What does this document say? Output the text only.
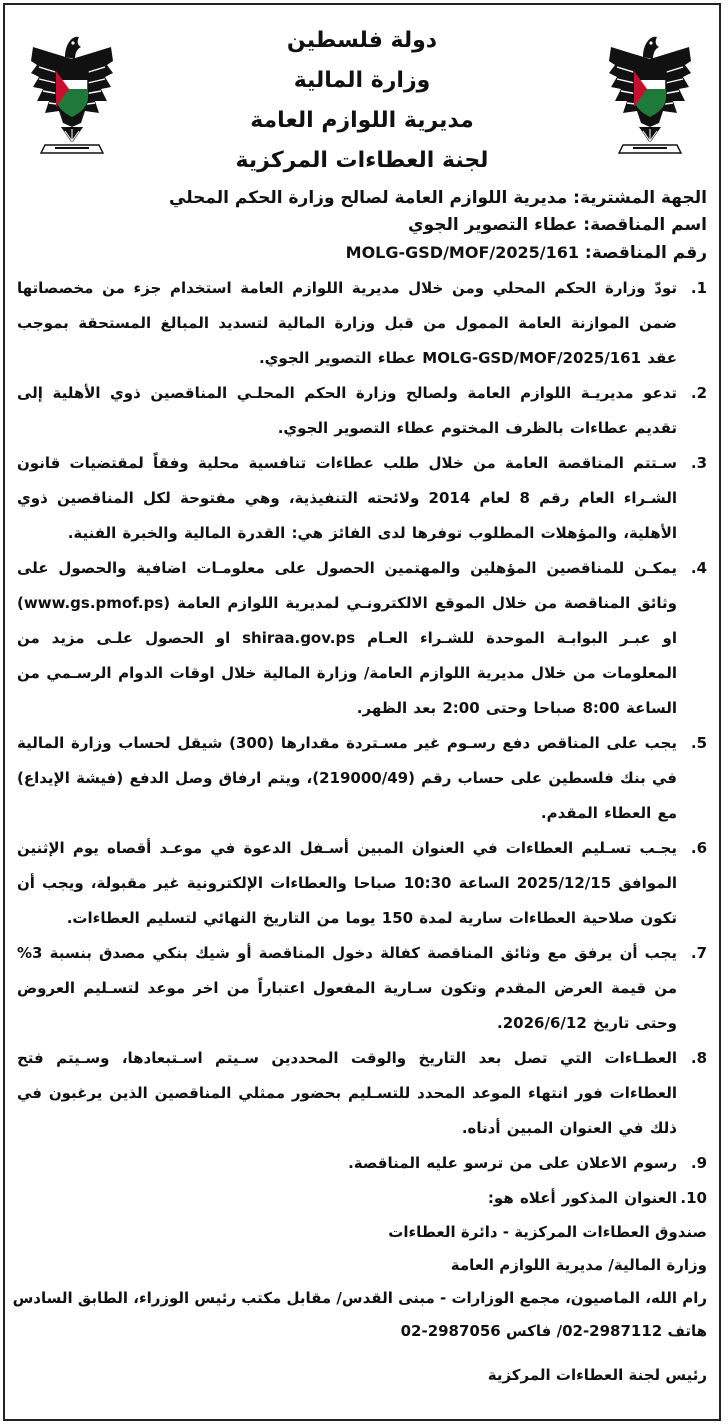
دولة فلسطين
وزارة المالية
مديرية اللوازم العامة
لجنة العطاءات المركزية
الجهة المشترية: مديرية اللوازم العامة لصالح وزارة الحكم المحلي
اسم المناقصة: عطاء التصوير الجوي
رقم المناقصة: MOLG-GSD/MOF/2025/161
1.
تودّ وزارة الحكم المحلي ومن خلال مديرية اللوازم العامة استخدام جزء من مخصصاتها ضمن الموازنة العامة الممول من قبل وزارة المالية لتسديد المبالغ المستحقة بموجب عقد MOLG-GSD/MOF/2025/161 عطاء التصوير الجوي.
2.
تدعو مديريـة اللوازم العامة ولصالح وزارة الحكم المحلـي المناقصين ذوي الأهلية إلى تقديم عطاءات بالظرف المختوم عطاء التصوير الجوي.
3.
سـتتم المناقصة العامة من خلال طلب عطاءات تنافسية محلية وفقاً لمقتضيات قانون الشـراء العام رقم 8 لعام 2014 ولائحته التنفيذية، وهي مفتوحة لكل المناقصين ذوي الأهلية، والمؤهلات المطلوب توفرها لدى الفائز هي: القدرة المالية والخبرة الفنية.
4.
يمكـن للمناقصين المؤهلين والمهتمين الحصول على معلومـات اضافية والحصول على وثائق المناقصة من خلال الموقع الالكترونـي لمديرية اللوازم العامة (www.gs.pmof.ps) او عبـر البوابـة الموحدة للشـراء العـام shiraa.gov.ps او الحصول علـى مزيد من المعلومات من خلال مديرية اللوازم العامة/ وزارة المالية خلال اوقات الدوام الرسـمي من الساعة 8:00 صباحا وحتى 2:00 بعد الظهر.
5.
يجب على المناقص دفع رسـوم غير مسـتردة مقدارها (300) شيقل لحساب وزارة المالية في بنك فلسطين على حساب رقم (219000/49)، ويتم ارفاق وصل الدفع (فيشة الإيداع) مع العطاء المقدم.
6.
يجـب تسـليم العطاءات في العنوان المبين أسـفل الدعوة في موعـد أقصاه يوم الإثنين الموافق 2025/12/15 الساعة 10:30 صباحا والعطاءات الإلكترونية غير مقبولة، ويجب أن تكون صلاحية العطاءات سارية لمدة 150 يوما من التاريخ النهائي لتسليم العطاءات.
7.
يجب أن يرفق مع وثائق المناقصة كفالة دخول المناقصة أو شيك بنكي مصدق بنسبة 3% من قيمة العرض المقدم وتكون سـارية المفعول اعتباراً من اخر موعد لتسـليم العروض وحتى تاريخ 2026/6/12.
8.
العطـاءات التي تصل بعد التاريخ والوقت المحددين سـيتم اسـتبعادها، وسـيتم فتح العطاءات فور انتهاء الموعد المحدد للتسـليم بحضور ممثلي المناقصين الذين يرغبون في ذلك في العنوان المبين أدناه.
9.
رسوم الاعلان على من ترسو عليه المناقصة.
10.
العنوان المذكور أعلاه هو:
صندوق العطاءات المركزية - دائرة العطاءات
وزارة المالية/ مديرية اللوازم العامة
رام الله، الماصيون، مجمع الوزارات - مبنى القدس/ مقابل مكتب رئيس الوزراء، الطابق السادس
هاتف 2987112-02/ فاكس 2987056-02
رئيس لجنة العطاءات المركزية
